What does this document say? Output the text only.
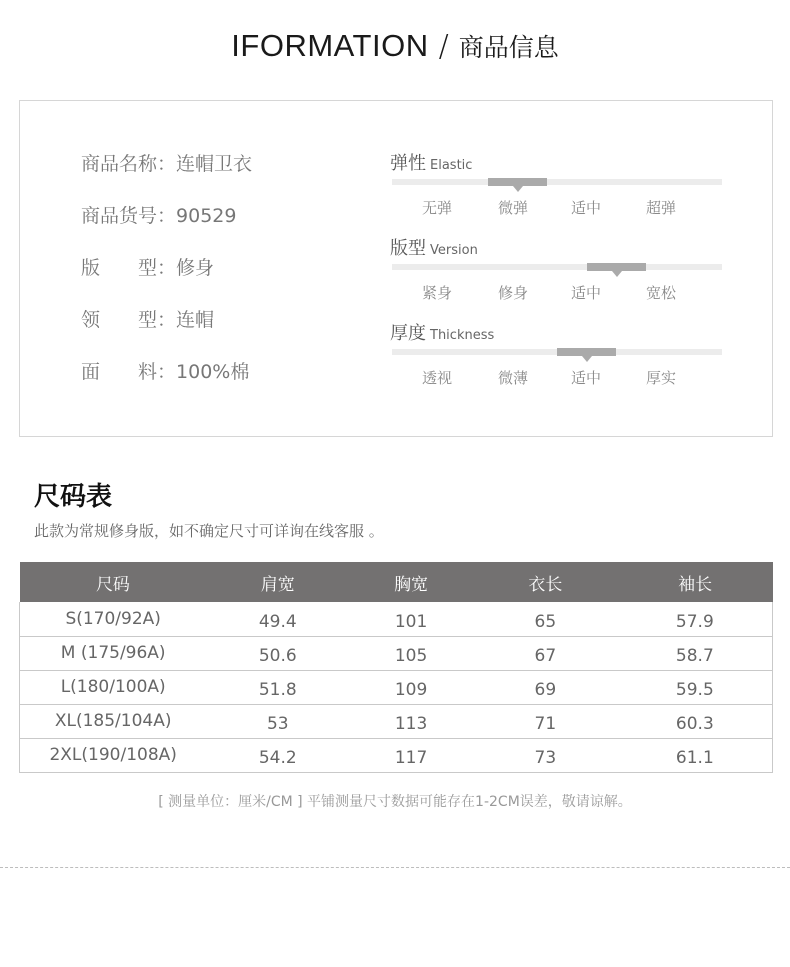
IFORMATION / 商品信息
商品名称：连帽卫衣
商品货号：90529
版　　型：修身
领　　型：连帽
面　　料：100%棉
弹性 Elastic
无弹	微弹	适中	超弹
版型 Version
紧身	修身	适中	宽松
厚度 Thickness
透视	微薄	适中	厚实
尺码表
此款为常规修身版，如不确定尺寸可详询在线客服 。
尺码	肩宽	胸宽	衣长	袖长
S(170/92A)	49.4	101	65	57.9
M (175/96A)	50.6	105	67	58.7
L(180/100A)	51.8	109	69	59.5
XL(185/104A)	53	113	71	60.3
2XL(190/108A)	54.2	117	73	61.1
[ 测量单位：厘米/CM ] 平铺测量尺寸数据可能存在1-2CM误差，敬请谅解。
